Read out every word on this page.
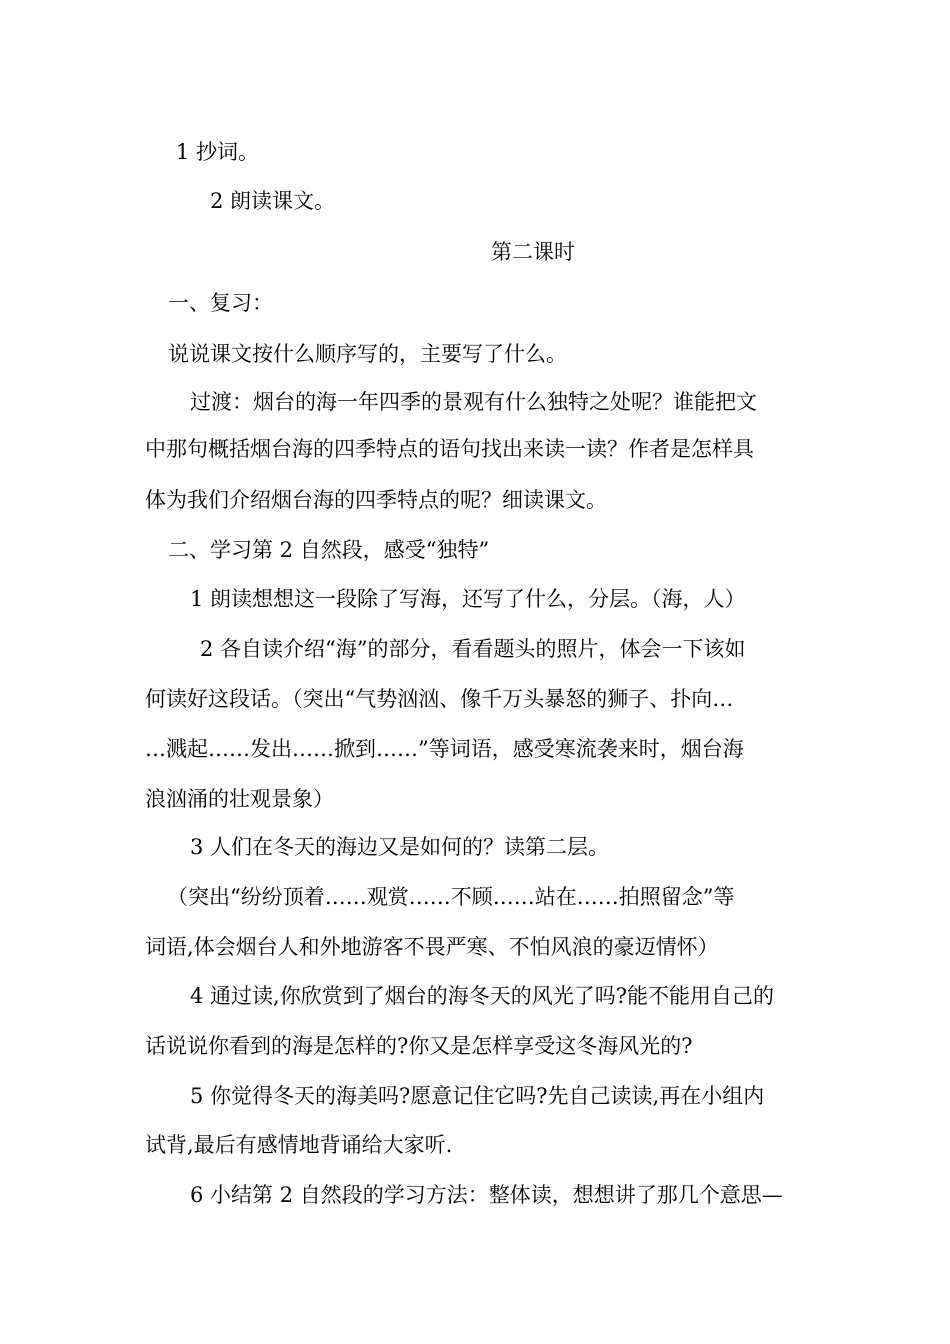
1 抄词。
2 朗读课文。
第二课时
一、复习：
说说课文按什么顺序写的，主要写了什么。
过渡：烟台的海一年四季的景观有什么独特之处呢？谁能把文
中那句概括烟台海的四季特点的语句找出来读一读？作者是怎样具
体为我们介绍烟台海的四季特点的呢？细读课文。
二、学习第 2 自然段，感受“独特”
1 朗读想想这一段除了写海，还写了什么，分层。（海，人）
2 各自读介绍“海”的部分，看看题头的照片，体会一下该如
何读好这段话。（突出“气势汹汹、像千万头暴怒的狮子、扑向…
…溅起……发出……掀到……”等词语，感受寒流袭来时，烟台海
浪汹涌的壮观景象）
3 人们在冬天的海边又是如何的？读第二层。
（突出“纷纷顶着……观赏……不顾……站在……拍照留念”等
词语,体会烟台人和外地游客不畏严寒、不怕风浪的豪迈情怀）
4 通过读,你欣赏到了烟台的海冬天的风光了吗?能不能用自己的
话说说你看到的海是怎样的?你又是怎样享受这冬海风光的?
5 你觉得冬天的海美吗?愿意记住它吗?先自己读读,再在小组内
试背,最后有感情地背诵给大家听.
6 小结第 2 自然段的学习方法：整体读，想想讲了那几个意思—
